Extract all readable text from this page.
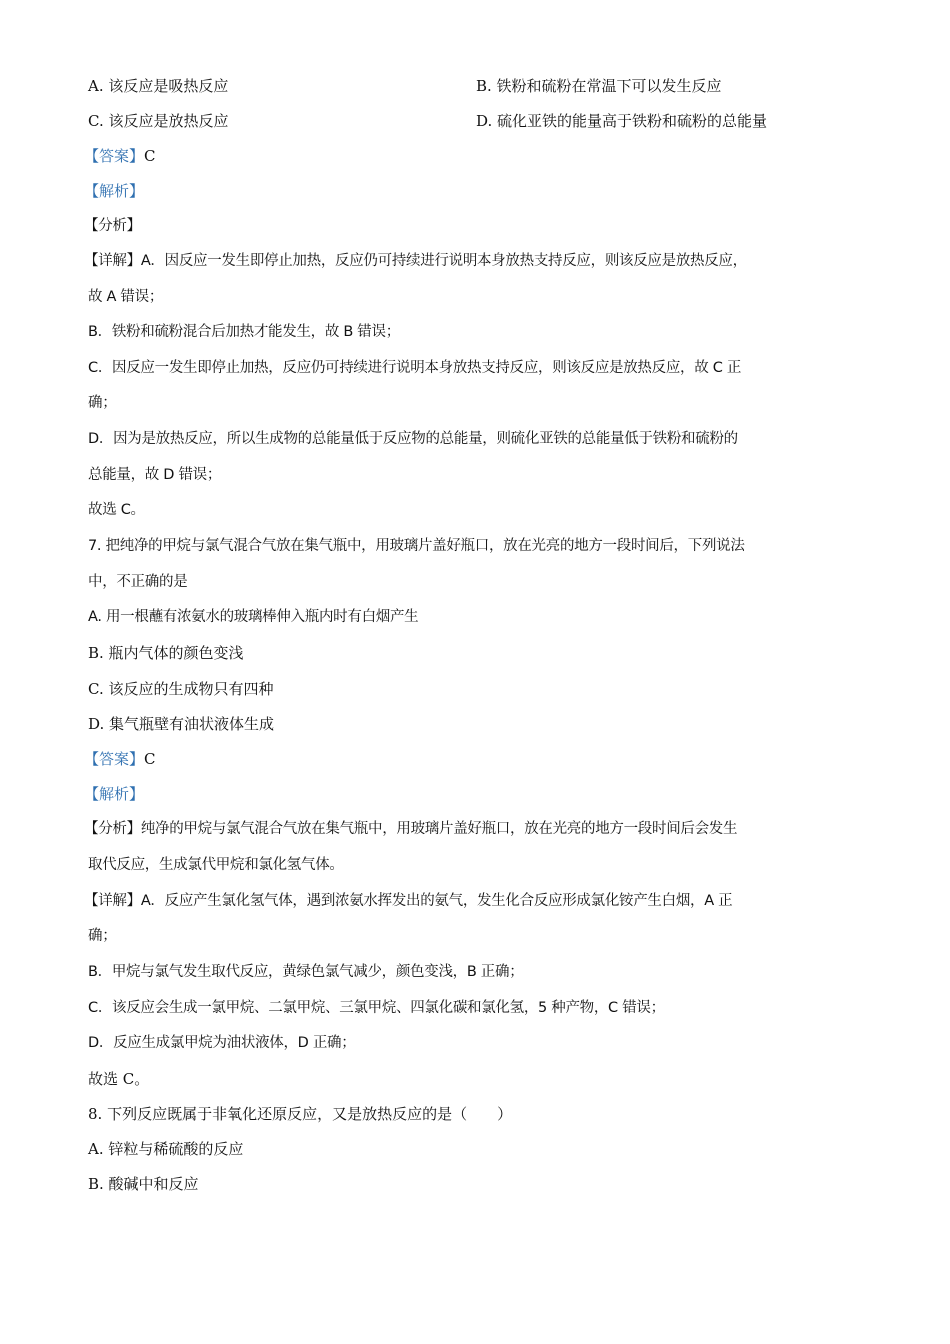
A. 该反应是吸热反应	B. 铁粉和硫粉在常温下可以发生反应
C. 该反应是放热反应	D. 硫化亚铁的能量高于铁粉和硫粉的总能量
【答案】C
【解析】
【分析】
【详解】A．因反应一发生即停止加热，反应仍可持续进行说明本身放热支持反应，则该反应是放热反应，
故 A 错误；
B．铁粉和硫粉混合后加热才能发生，故 B 错误；
C．因反应一发生即停止加热，反应仍可持续进行说明本身放热支持反应，则该反应是放热反应，故 C 正
确；
D．因为是放热反应，所以生成物的总能量低于反应物的总能量，则硫化亚铁的总能量低于铁粉和硫粉的
总能量，故 D 错误；
故选 C。
7. 把纯净的甲烷与氯气混合气放在集气瓶中，用玻璃片盖好瓶口，放在光亮的地方一段时间后，下列说法
中，不正确的是
A. 用一根蘸有浓氨水的玻璃棒伸入瓶内时有白烟产生
B. 瓶内气体的颜色变浅
C. 该反应的生成物只有四种
D. 集气瓶壁有油状液体生成
【答案】C
【解析】
【分析】纯净的甲烷与氯气混合气放在集气瓶中，用玻璃片盖好瓶口，放在光亮的地方一段时间后会发生
取代反应，生成氯代甲烷和氯化氢气体。
【详解】A．反应产生氯化氢气体，遇到浓氨水挥发出的氨气，发生化合反应形成氯化铵产生白烟，A 正
确；
B．甲烷与氯气发生取代反应，黄绿色氯气减少，颜色变浅，B 正确；
C．该反应会生成一氯甲烷、二氯甲烷、三氯甲烷、四氯化碳和氯化氢，5 种产物，C 错误；
D．反应生成氯甲烷为油状液体，D 正确；
故选 C。
8. 下列反应既属于非氧化还原反应，又是放热反应的是（　　）
A. 锌粒与稀硫酸的反应
B. 酸碱中和反应
